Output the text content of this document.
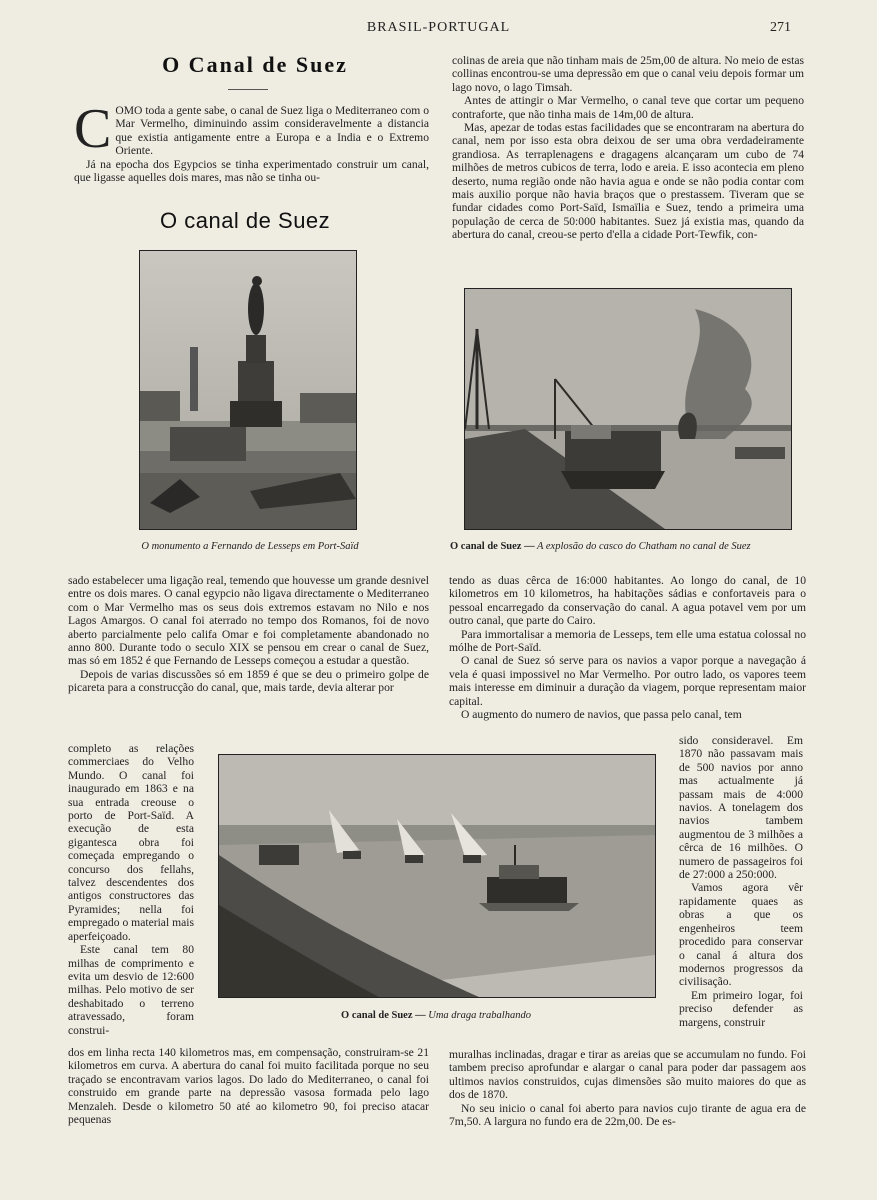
BRASIL-PORTUGAL	271
O Canal de Suez
C OMO toda a gente sabe, o canal de Suez liga o Mediterraneo com o Mar Vermelho, diminuindo assim consideravelmente a distancia que existia antigamente entre a Europa e a India e o Extremo Oriente.

Já na epocha dos Egypcios se tinha experimentado construir um canal, que ligasse aquelles dois mares, mas não se tinha ou-

O canal de Suez

colinas de areia que não tinham mais de 25m,00 de altura. No meio de estas collinas encontrou-se uma depressão em que o canal veiu depois formar um lago novo, o lago Timsah.

Antes de attingir o Mar Vermelho, o canal teve que cortar um pequeno contraforte, que não tinha mais de 14m,00 de altura.

Mas, apezar de todas estas facilidades que se encontraram na abertura do canal, nem por isso esta obra deixou de ser uma obra verdadeiramente grandiosa. As terraplenagens e dragagens alcançaram um cubo de 74 milhões de metros cubicos de terra, lodo e areia. E isso acontecia em pleno deserto, numa região onde não havia agua e onde se não podia contar com mais auxilio porque não havia braços que o prestassem. Tiveram que se fundar cidades como Port-Saïd, Ismaïlia e Suez, tendo a primeira uma população de cerca de 50:000 habitantes. Suez já existia mas, quando da abertura do canal, creou-se perto d'ella a cidade Port-Tewfik, con-

O monumento a Fernando de Lesseps em Port-Saïd	O canal de Suez — A explosão do casco do Chatham no canal de Suez

sado estabelecer uma ligação real, temendo que houvesse um grande desnivel entre os dois mares. O canal egypcio não ligava directamente o Mediterraneo com o Mar Vermelho mas os seus dois extremos estavam no Nilo e nos Lagos Amargos. O canal foi aterrado no tempo dos Romanos, foi de novo aberto parcialmente pelo califa Omar e foi completamente abandonado no anno 800. Durante todo o seculo XIX se pensou em crear o canal de Suez, mas só em 1852 é que Fernando de Lesseps começou a estudar a questão.

Depois de varias discussões só em 1859 é que se deu o primeiro golpe de picareta para a construcção do canal, que, mais tarde, devia alterar por

completo as relações commerciaes do Velho Mundo. O canal foi inaugurado em 1863 e na sua entrada creouse o porto de Port-Saïd. A execução de esta gigantesca obra foi começada empregando o concurso dos fellahs, talvez descendentes dos antigos constructores das Pyramides; nella foi empregado o material mais aperfeiçoado.

Este canal tem 80 milhas de comprimento e evita um desvio de 12:600 milhas. Pelo motivo de ser deshabitado o terreno atravessado, foram construi-

dos em linha recta 140 kilometros mas, em compensação, construiram-se 21 kilometros em curva. A abertura do canal foi muito facilitada porque no seu traçado se encontravam varios lagos. Do lado do Mediterraneo, o canal foi construido em grande parte na depressão vasosa formada pelo lago Menzaleh. Desde o kilometro 50 até ao kilometro 90, foi preciso atacar pequenas

tendo as duas cêrca de 16:000 habitantes. Ao longo do canal, de 10 kilometros em 10 kilometros, ha habitações sádias e confortaveis para o pessoal encarregado da conservação do canal. A agua potavel vem por um outro canal, que parte do Cairo.

Para immortalisar a memoria de Lesseps, tem elle uma estatua colossal no mólhe de Port-Saïd.

O canal de Suez só serve para os navios a vapor porque a navegação á vela é quasi impossivel no Mar Vermelho. Por outro lado, os vapores teem mais interesse em diminuir a duração da viagem, porque representam maior capital.

O augmento do numero de navios, que passa pelo canal, tem

sido consideravel. Em 1870 não passavam mais de 500 navios por anno mas actualmente já passam mais de 4:000 navios. A tonelagem dos navios tambem augmentou de 3 milhões a cêrca de 16 milhões. O numero de passageiros foi de 27:000 a 250:000.

Vamos agora vêr rapidamente quaes as obras a que os engenheiros teem procedido para conservar o canal á altura dos modernos progressos da civilisação.

Em primeiro logar, foi preciso defender as margens, construir

muralhas inclinadas, dragar e tirar as areias que se accumulam no fundo. Foi tambem preciso aprofundar e alargar o canal para poder dar passagem aos ultimos navios construidos, cujas dimensões são muito maiores do que as dos de 1870.

No seu inicio o canal foi aberto para navios cujo tirante de agua era de 7m,50. A largura no fundo era de 22m,00. De es-

O canal de Suez — Uma draga trabalhando
